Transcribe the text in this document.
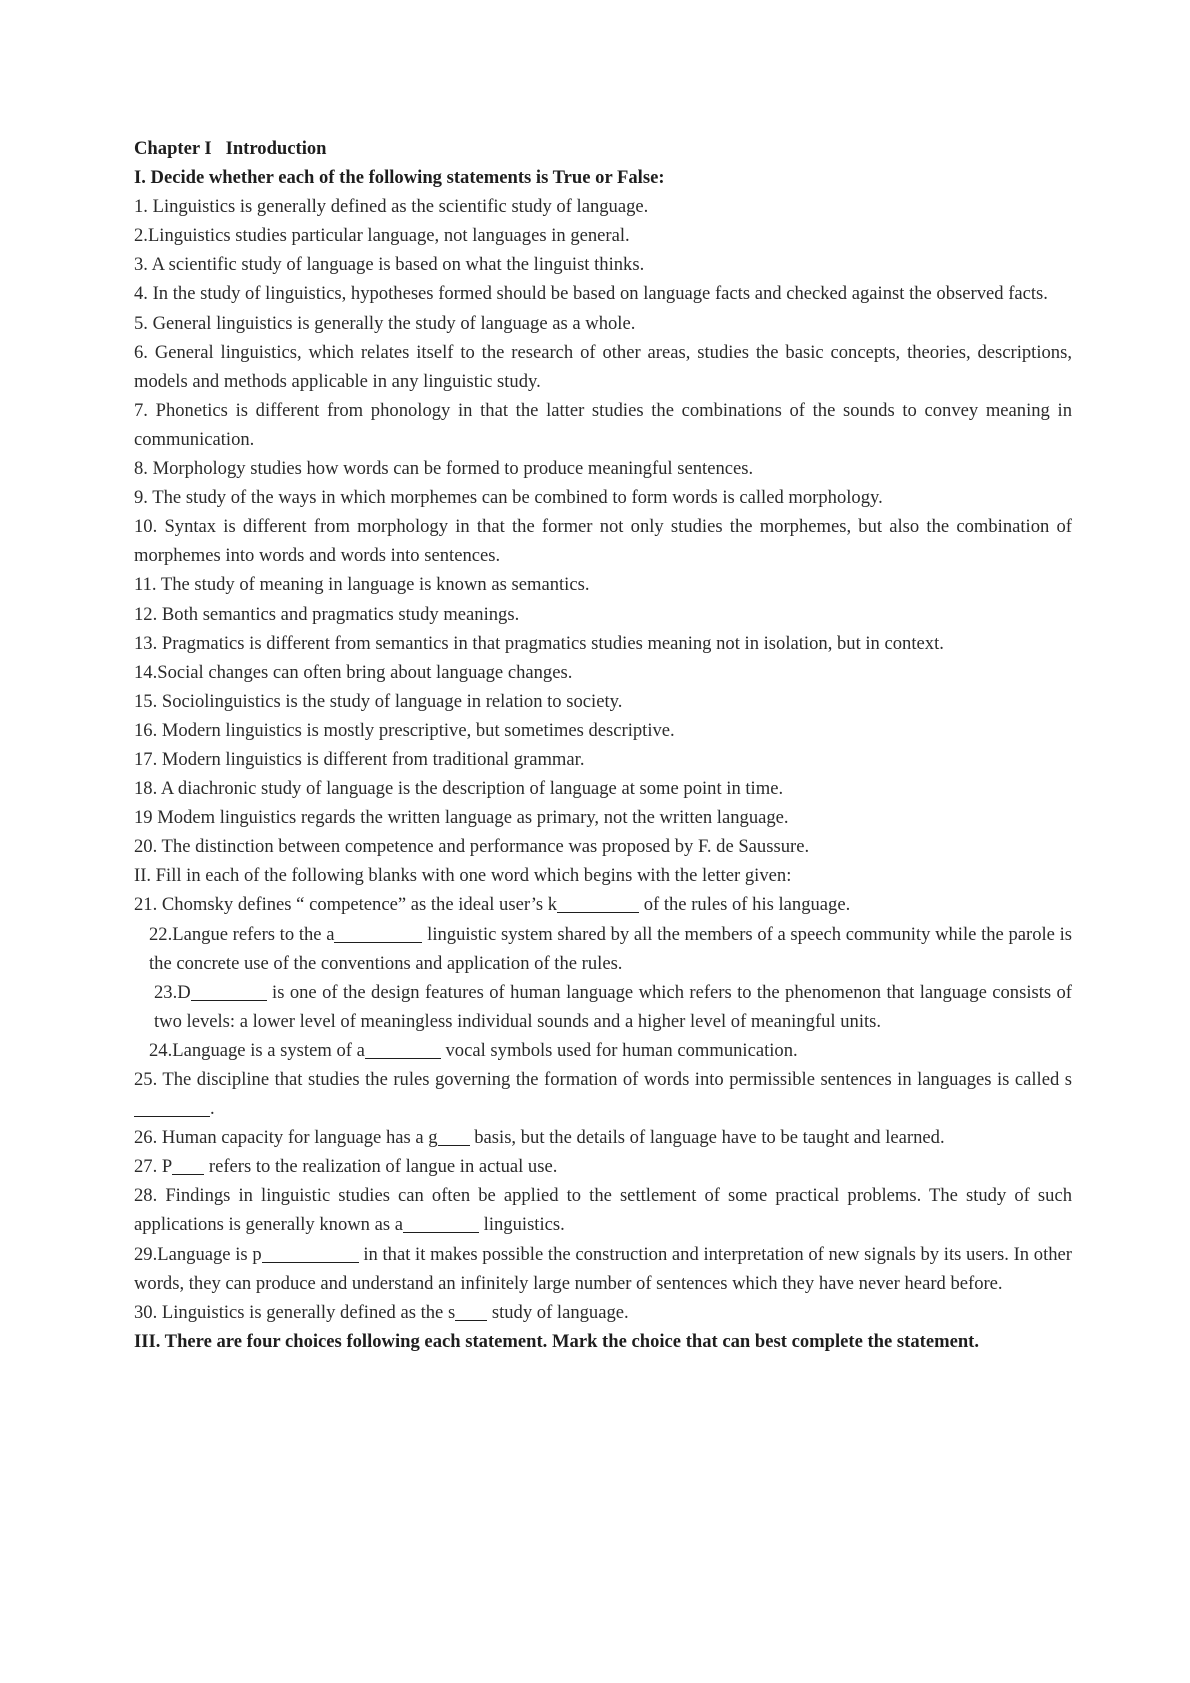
Chapter I   Introduction
I. Decide whether each of the following statements is True or False:
1. Linguistics is generally defined as the scientific study of language.
2.Linguistics studies particular language, not languages in general.
3. A scientific study of language is based on what the linguist thinks.
4. In the study of linguistics, hypotheses formed should be based on language facts and checked against the observed facts.
5. General linguistics is generally the study of language as a whole.
6. General linguistics, which relates itself to the research of other areas, studies the basic concepts, theories, descriptions, models and methods applicable in any linguistic study.
7. Phonetics is different from phonology in that the latter studies the combinations of the sounds to convey meaning in communication.
8. Morphology studies how words can be formed to produce meaningful sentences.
9. The study of the ways in which morphemes can be combined to form words is called morphology.
10. Syntax is different from morphology in that the former not only studies the morphemes, but also the combination of morphemes into words and words into sentences.
11. The study of meaning in language is known as semantics.
12. Both semantics and pragmatics study meanings.
13. Pragmatics is different from semantics in that pragmatics studies meaning not in isolation, but in context.
14.Social changes can often bring about language changes.
15. Sociolinguistics is the study of language in relation to society.
16. Modern linguistics is mostly prescriptive, but sometimes descriptive.
17. Modern linguistics is different from traditional grammar.
18. A diachronic study of language is the description of language at some point in time.
19 Modem linguistics regards the written language as primary, not the written language.
20. The distinction between competence and performance was proposed by F. de Saussure.
II. Fill in each of the following blanks with one word which begins with the letter given:
21. Chomsky defines “ competence” as the ideal user’s k	of the rules of his language.
22.Langue refers to the a	linguistic system shared by all the members of a speech community while the parole is the concrete use of the conventions and application of the rules.
23.D	is one of the design features of human language which refers to the phenomenon that language consists of two levels: a lower level of meaningless individual sounds and a higher level of meaningful units.
24.Language is a system of a	vocal symbols used for human communication.
25. The discipline that studies the rules governing the formation of words into permissible sentences in languages is called s.
26. Human capacity for language has a g basis, but the details of language have to be taught and learned.
27. P refers to the realization of langue in actual use.
28. Findings in linguistic studies can often be applied to the settlement of some practical problems. The study of such applications is generally known as a	linguistics.
29.Language is p	in that it makes possible the construction and interpretation of new signals by its users. In other words, they can produce and understand an infinitely large number of sentences which they have never heard before.
30. Linguistics is generally defined as the s study of language.
III. There are four choices following each statement. Mark the choice that can best complete the statement.
